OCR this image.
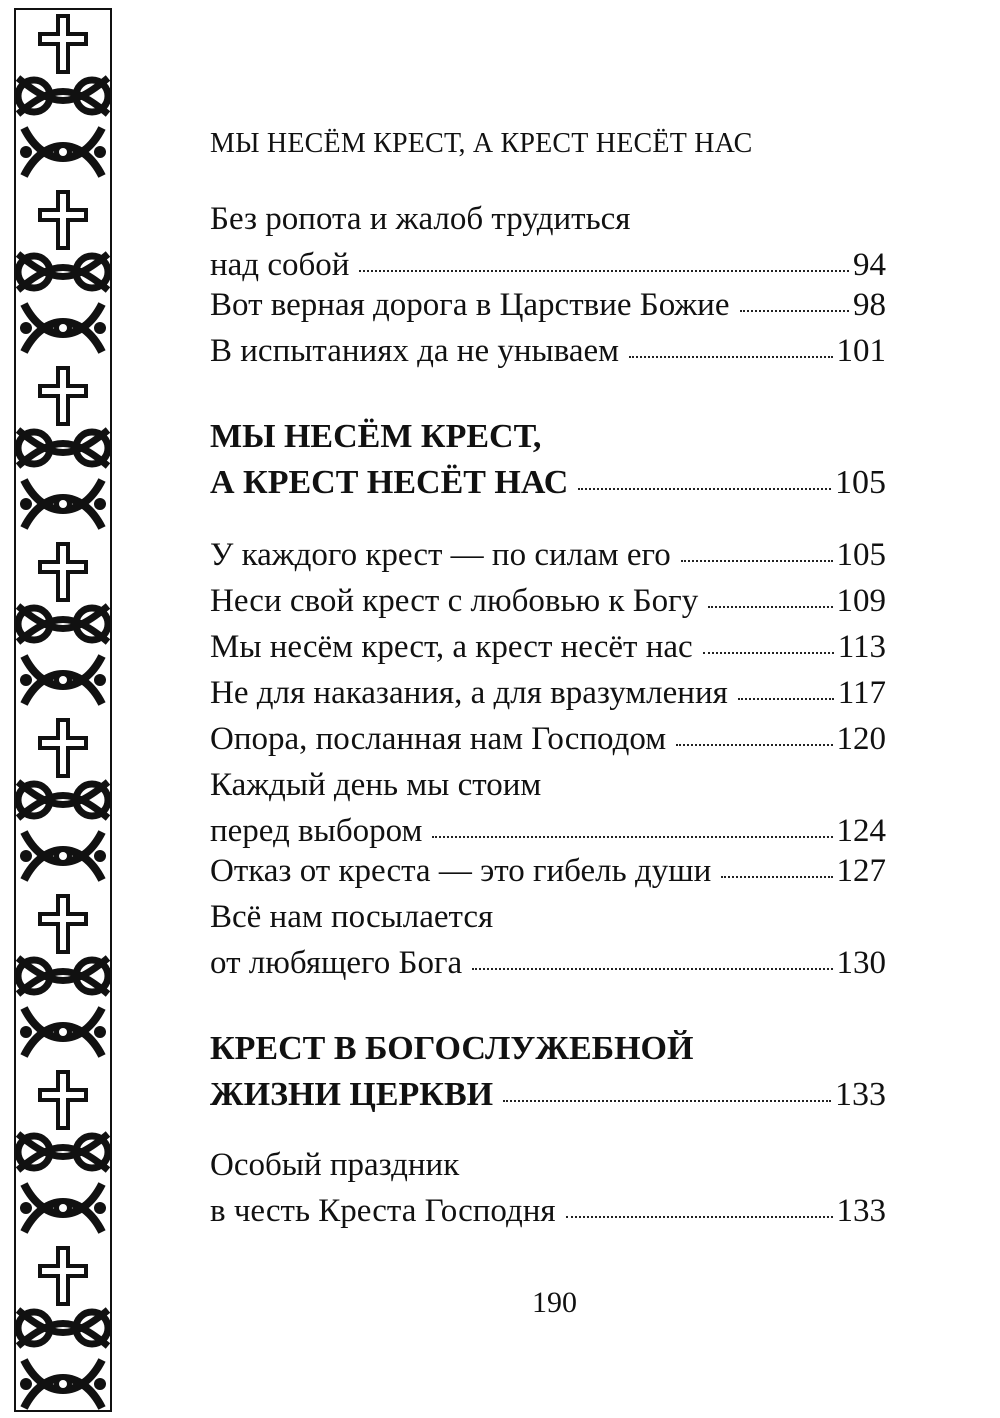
МЫ НЕСЁМ КРЕСТ, А КРЕСТ НЕСЁТ НАС
Без ропота и жалоб трудиться
над собой	94
Вот верная дорога в Царствие Божие	98
В испытаниях да не унываем	101
МЫ НЕСЁМ КРЕСТ,
А КРЕСТ НЕСЁТ НАС	105
У каждого крест — по силам его	105
Неси свой крест с любовью к Богу	109
Мы несём крест, а крест несёт нас	113
Не для наказания, а для вразумления	117
Опора, посланная нам Господом	120
Каждый день мы стоим
перед выбором	124
Отказ от креста — это гибель души	127
Всё нам посылается
от любящего Бога	130
КРЕСТ В БОГОСЛУЖЕБНОЙ
ЖИЗНИ ЦЕРКВИ	133
Особый праздник
в честь Креста Господня	133
190
